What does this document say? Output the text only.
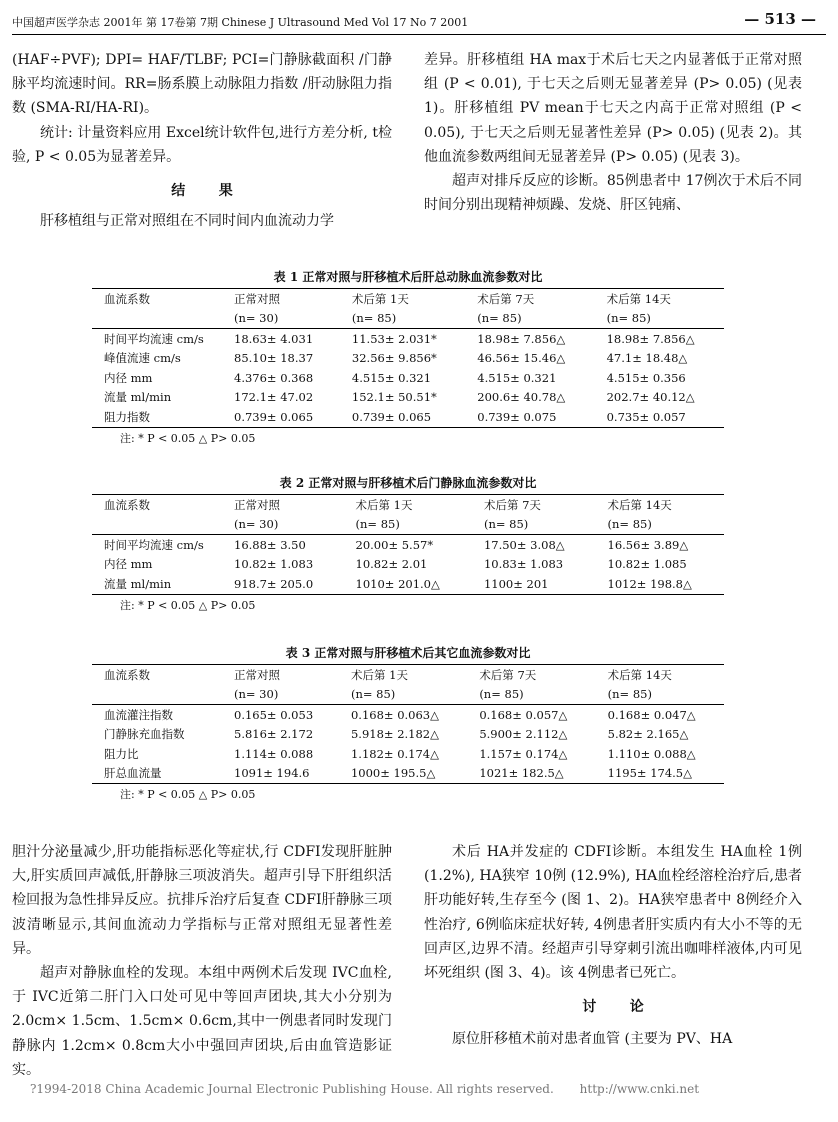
中国超声医学杂志 2001年 第 17卷第 7期 Chinese J Ultrasound Med Vol 17 No 7 2001	— 513 —

(HAF÷PVF); DPI= HAF/TLBF; PCI=门静脉截面积 /门静脉平均流速时间。RR=肠系膜上动脉阻力指数 /肝动脉阻力指数 (SMA-RI/HA-RI)。

统计: 计量资料应用 Excel统计软件包,进行方差分析, t检验, P < 0.05为显著差异。

结果

肝移植组与正常对照组在不同时间内血流动力学

差异。肝移植组 HA max于术后七天之内显著低于正常对照组 (P < 0.01), 于七天之后则无显著差异 (P> 0.05) (见表 1)。肝移植组 PV mean于七天之内高于正常对照组 (P < 0.05), 于七天之后则无显著性差异 (P> 0.05) (见表 2)。其他血流参数两组间无显著差异 (P> 0.05) (见表 3)。

超声对排斥反应的诊断。85例患者中 17例次于术后不同时间分别出现精神烦躁、发烧、肝区钝痛、

表 1 正常对照与肝移植术后肝总动脉血流参数对比
血流系数	正常对照	术后第 1天	术后第 7天	术后第 14天
	(n= 30)	(n= 85)	(n= 85)	(n= 85)
时间平均流速 cm/s	18.63± 4.031	11.53± 2.031*	18.98± 7.856△	18.98± 7.856△
峰值流速 cm/s	85.10± 18.37	32.56± 9.856*	46.56± 15.46△	47.1± 18.48△
内径 mm	4.376± 0.368	4.515± 0.321	4.515± 0.321	4.515± 0.356
流量 ml/min	172.1± 47.02	152.1± 50.51*	200.6± 40.78△	202.7± 40.12△
阻力指数	0.739± 0.065	0.739± 0.065	0.739± 0.075	0.735± 0.057
注: * P < 0.05 △ P> 0.05
表 2 正常对照与肝移植术后门静脉血流参数对比
血流系数	正常对照	术后第 1天	术后第 7天	术后第 14天
	(n= 30)	(n= 85)	(n= 85)	(n= 85)
时间平均流速 cm/s	16.88± 3.50	20.00± 5.57*	17.50± 3.08△	16.56± 3.89△
内径 mm	10.82± 1.083	10.82± 2.01	10.83± 1.083	10.82± 1.085
流量 ml/min	918.7± 205.0	1010± 201.0△	1100± 201	1012± 198.8△
注: * P < 0.05 △ P> 0.05
表 3 正常对照与肝移植术后其它血流参数对比
血流系数	正常对照	术后第 1天	术后第 7天	术后第 14天
	(n= 30)	(n= 85)	(n= 85)	(n= 85)
血流灌注指数	0.165± 0.053	0.168± 0.063△	0.168± 0.057△	0.168± 0.047△
门静脉充血指数	5.816± 2.172	5.918± 2.182△	5.900± 2.112△	5.82± 2.165△
阻力比	1.114± 0.088	1.182± 0.174△	1.157± 0.174△	1.110± 0.088△
肝总血流量	1091± 194.6	1000± 195.5△	1021± 182.5△	1195± 174.5△
注: * P < 0.05 △ P> 0.05

胆汁分泌量减少,肝功能指标恶化等症状,行 CDFI发现肝脏肿大,肝实质回声减低,肝静脉三项波消失。超声引导下肝组织活检回报为急性排异反应。抗排斥治疗后复查 CDFI肝静脉三项波清晰显示,其间血流动力学指标与正常对照组无显著性差异。

超声对静脉血栓的发现。本组中两例术后发现 IVC血栓,于 IVC近第二肝门入口处可见中等回声团块,其大小分别为 2.0cm× 1.5cm、1.5cm× 0.6cm,其中一例患者同时发现门静脉内 1.2cm× 0.8cm大小中强回声团块,后由血管造影证实。

术后 HA并发症的 CDFI诊断。本组发生 HA血栓 1例 (1.2%), HA狭窄 10例 (12.9%), HA血栓经溶栓治疗后,患者肝功能好转,生存至今 (图 1、2)。HA狭窄患者中 8例经介入性治疗, 6例临床症状好转, 4例患者肝实质内有大小不等的无回声区,边界不清。经超声引导穿刺引流出咖啡样液体,内可见坏死组织 (图 3、4)。该 4例患者已死亡。

讨论

原位肝移植术前对患者血管 (主要为 PV、HA

?1994-2018 China Academic Journal Electronic Publishing House. All rights reserved. http://www.cnki.net
